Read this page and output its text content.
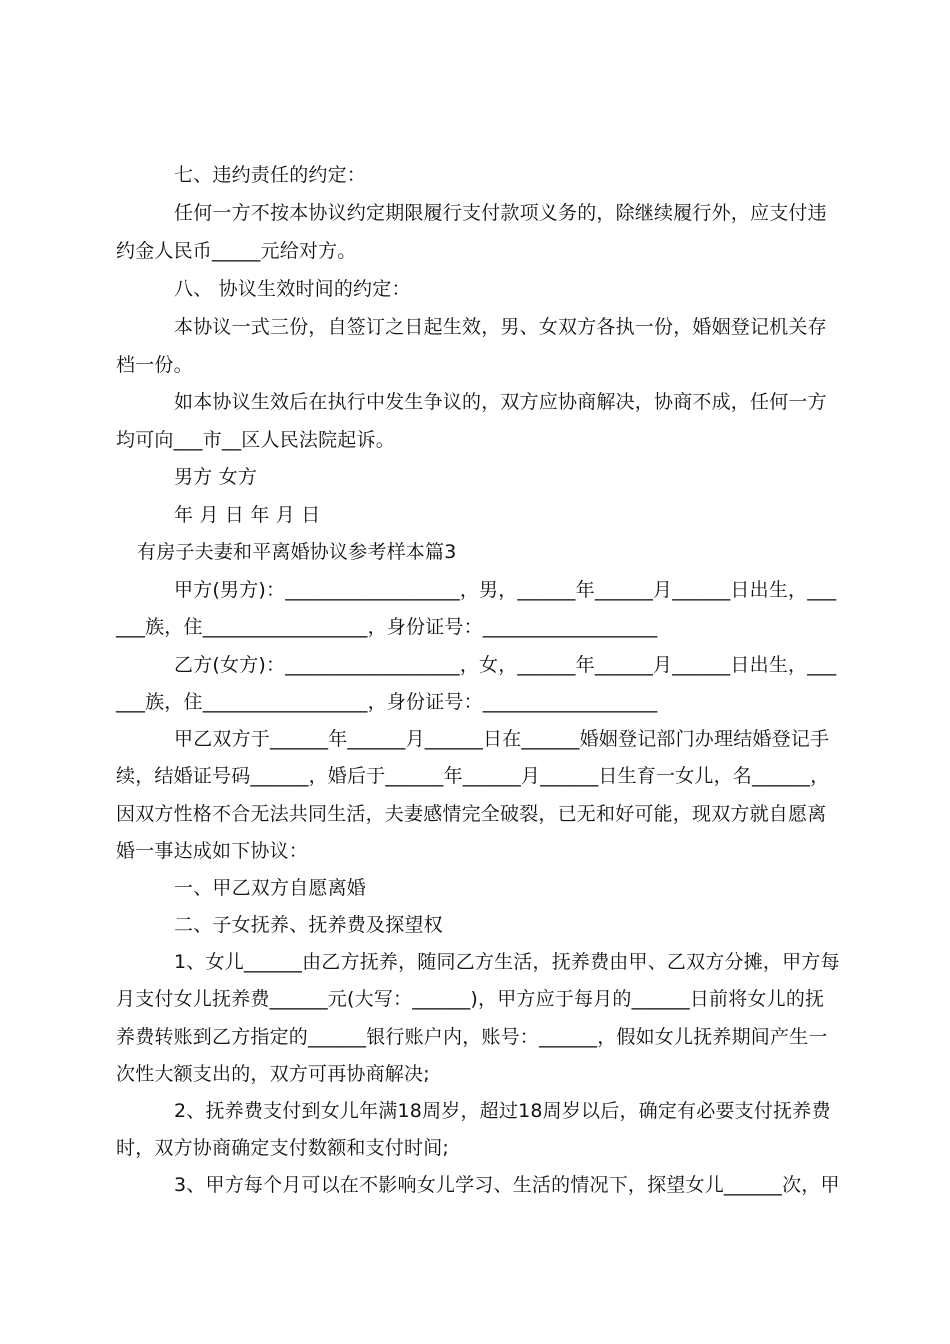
七、违约责任的约定：
任何一方不按本协议约定期限履行支付款项义务的，除继续履行外，应支付违
约金人民币_____元给对方。
八、 协议生效时间的约定：
本协议一式三份，自签订之日起生效，男、女双方各执一份，婚姻登记机关存
档一份。
如本协议生效后在执行中发生争议的，双方应协商解决，协商不成，任何一方
均可向___市__区人民法院起诉。
男方 女方
年 月 日 年 月 日
有房子夫妻和平离婚协议参考样本篇3
甲方(男方)：__________________，男，______年______月______日出生，___
___族，住_________________，身份证号：__________________
乙方(女方)：__________________，女，______年______月______日出生，___
___族，住_________________，身份证号：__________________
甲乙双方于______年______月______日在______婚姻登记部门办理结婚登记手
续，结婚证号码______，婚后于______年______月______日生育一女儿，名______，
因双方性格不合无法共同生活，夫妻感情完全破裂，已无和好可能，现双方就自愿离
婚一事达成如下协议：
一、甲乙双方自愿离婚
二、子女抚养、抚养费及探望权
1、女儿______由乙方抚养，随同乙方生活，抚养费由甲、乙双方分摊，甲方每
月支付女儿抚养费______元(大写：______)，甲方应于每月的______日前将女儿的抚
养费转账到乙方指定的______银行账户内，账号：______，假如女儿抚养期间产生一
次性大额支出的，双方可再协商解决;
2、抚养费支付到女儿年满18周岁，超过18周岁以后，确定有必要支付抚养费
时，双方协商确定支付数额和支付时间;
3、甲方每个月可以在不影响女儿学习、生活的情况下，探望女儿______次，甲
